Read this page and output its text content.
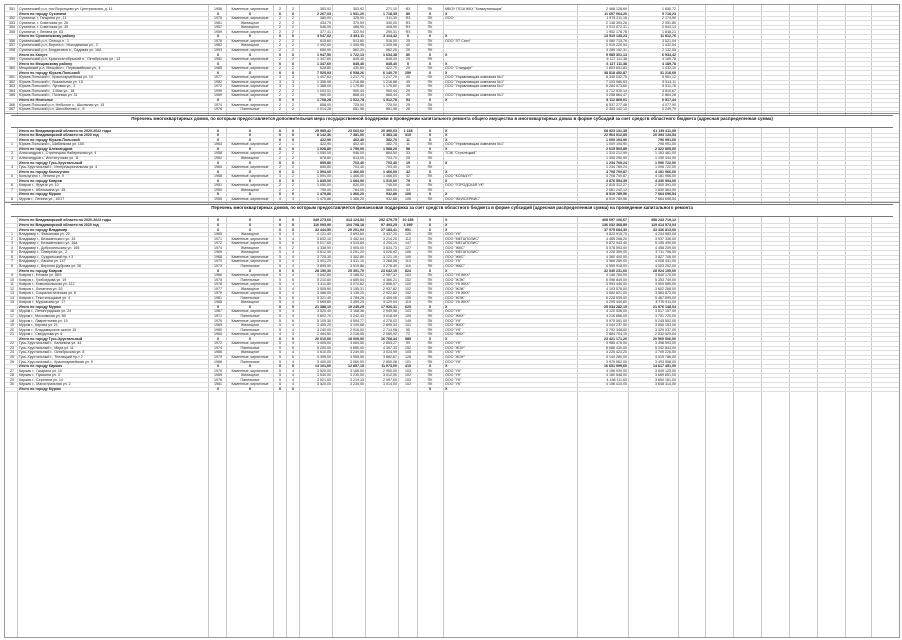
351	Сухиничский р-н, пос Воронцово ул. Центральная, д. 11	1958	Каменные, кирпичные	2	2	363,92	303,92	271,10	Ф3	ПК	МБОУ ПСШ ЖКХ "Коммунальщик"	2 468 128,69	1 650,72
Итого по городу Сухиничи	X	X	X	X	2 267,03	1 931,20	1 718,35	80	X	X	11 657 064,20	9 718,23
352	Сухиничи, г. Гагарина ул., 11	1975	Каменные, кирпичные	2	2	380,00	325,00	311,30	Ф3	ПК	ООО	1 975 211,16	2 174,90
353	Сухиничи, г. Советская ул. 26	1961	Жилищное	2	2	434,79	370,59	340,00	Ф3	ПК	2 148 393,26	2 051,80
354	Сухиничи, г. Советская ул. 39	1957	Жилищное	2	2	546,00	468,90	408,90	Ф3	ПК	3 013 072,31	2 643,14
355	Сухиничи, г. Ленина ул. 63	1959	Каменные, кирпичные	2	2	377,41	322,94	290,31	Ф3	ПК	1 952 178,76	1 648,21
Итого по Сухиничскому району	X	X	X	X	3 047,02	2 491,11	2 114,42	X	X	X	13 519 135,23	11 812,76
356	Сухиничский р-н, Сельцо п., 1	1976	Каменные, кирпичные	2	2	615,60	513,60	516,00	25	ПК	ООО "ЛТ Сити"	4 080 715,76	3 521,04
357	Сухиничский р-н, Ворота п., Молодежная ул., 3	1982	Жилищное	2	2	1 492,60	1 305,96	1 305,96	40	ПК	2 915 220,54	1 432,54
358	Сухиничский р-н, Богдановка п., Садовая ул. 16А	1993	Каменные, кирпичные	2	2	650,90	562,20	562,20	25	ПК	3 289 152,31	2 132,55
Итого по Калуге	X	X	X	X	1 947,50	1 722,13	1 634,38	80	X	X	9 985 301,13	6 934,42
359	Сухиничский р-н, Краснооктябрьский п., Октябрьская ул., 13	1992	Каменные, кирпичные	2	2	1 347,60	845,40	845,40	25	ПК	6 127 111,38	4 189,78
Итого по Мещовскому району	X	X	X	X	1 347,60	845,40	845,40	X	X	X	6 127 111,38	4 189,78
360	Мещовский р-н, Мещовск г., Первомайская ул., 4	1985	Каменные, кирпичные	2	2	628,80	430,60	422,70	25	ПК	ООО "Стандарт"	1 803 831,83	1 432,10
Итого по городу Юрьев-Польский	X	X	X	X	7 525,93	6 538,26	6 140,70	259	X	X	38 818 452,87	31 218,69
361	Юрьев-Польский г., Красноармейская ул. 14	1977	Каменные, кирпичные	3	3	1 407,62	1 217,70	1 217,70	40	ПК	ООО "Управляющая компания №1"	8 349 032,75	5 961,12
362	Юрьев-Польский г., Вокзальная ул. 15	1982	Каменные, кирпичные	3	3	1 356,96	1 216,88	1 216,88	45	ПК	ООО "Управляющая компания №1"	7 103 980,63	5 514,11
363	Юрьев-Польский г., Луговая ул., 2	1972	Каменные, кирпичные	3	3	1 388,00	1 179,80	1 179,80	45	ПК	ООО "Управляющая компания №1"	6 284 573,60	5 511,78
364	Юрьев-Польский г., 1-Мая ул., 18	1959	Каменные, кирпичные	2	2	1 043,01	900,44	900,44	29	ПК	4 712 530,14	3 810,67
365	Юрьев-Польский г., Полевая ул. 31	1969	Каменные, кирпичные	2	2	960,00	868,44	868,44	29	ПК	ООО "Управляющая компания №1"	3 258 864,47	2 864,28
Итого по Неополье	X	X	X	X	1 708,28	1 512,78	1 512,78	53	X	X	8 112 869,01	6 517,44
366	Юрьев-Польский р-н, Небылое с., Школьная ул. 15	1974	Каменные, кирпичные	2	2	858,00	725,00	725,00	25	ПК	6 537 277,48	4 077,90
367	Юрьев-Польский р-н, Шихобалово с., 8	1978	Панельные	2	2	1 014,28	851,96	851,96	28	ПК	2 353 142,13	2 249,79
Перечень многоквартирных домов, по которым предоставляется дополнительная мера государственной поддержки в проведении капитального ремонта общего имущества в многоквартирных домах в форме субсидий за счет средств областного бюджета (адресная распределенная сумма)
Итого по Владимирской области по 2020-2022 годы	X	X	X	X	25 985,42	23 663,62	20 390,03	1 168	X	X	68 923 131,38	61 139 411,09
Итого по Владимирской области на 2020 год	X	X	X	X	8 142,36	7 381,00	6 383,18	315	X	X	22 964 512,85	20 393 134,54
Итого по городу Юрьев-Польский	X	X	X	X	422,90	402,40	382,70	11	X	X	1 009 194,90	796 991,00
1	Юрьев-Польский г., Шибанкова ул. 100	1964	Каменные, кирпичные	2	1	422,90	402,40	382,70	11	ПК	ООО "Управляющая компания №1"	1 009 194,90	796 991,00
Итого по городу Александров	X	X	X	X	1 928,80	1 759,00	1 588,20	58	X	X	2 615 503,89	2 322 805,00
2	Александров г., Стрелецкая Набережная ул. 4	1958	Каменные, кирпичные	2	2	1 050,00	946,00	884,50	33	ПК	ТСЖ "Стрелецкий"	1 310 212,99	1 163 461,00
3	Александров г., Институтская ул. 11	1962	Жилищное	2	2	878,80	813,00	703,70	25	ПК	1 305 290,90	1 159 344,00
Итого по городу Гусь-Хрустальный	X	X	X	X	855,80	703,40	703,40	19	X	X	1 234 769,24	1 096 722,00
4	Гусь-Хрустальный г., Интернациональная ул. 4	1960	Каменные, кирпичные	2	2	855,80	703,40	703,40	19	ПК	1 234 769,24	1 096 722,00
Итого по городу Кольчугино	X	X	X	X	1 594,00	1 466,00	1 466,00	42	X	X	4 708 700,87	4 181 966,00
5	Кольчугино г., Ленина ул. 9	1968	Каменные, кирпичные	3	2	1 594,00	1 466,00	1 466,00	42	ПК	ООО "КОЛЬЧУГ"	4 708 700,87	4 181 966,00
Итого по городу Ковров	X	X	X	X	1 845,00	1 684,00	1 310,00	79	X	X	4 876 554,39	4 330 954,00
6	Ковров г., Фрунзе ул. 10	1951	Каменные, кирпичные	2	2	1 050,00	920,00	745,00	46	ПК	ООО "ГОРОДСКАЯ УК"	2 815 312,27	2 500 391,00
7	Ковров г., Абельмана ул. 45	1950	Жилищное	2	2	795,00	764,00	565,00	33	ПК	2 061 242,12	1 830 563,00
Итого по городу Муром	X	X	X	X	1 475,86	1 366,20	932,88	106	X	X	8 519 789,56	7 664 696,54
8	Муром г., Ленина ул., 15/17	1955	Каменные, кирпичные	4	3	1 475,86	1 366,20	932,88	106	ПК	ООО "ЖИЛСЕРВИС"	8 519 789,56	7 664 696,54
Перечень многоквартирных домов, по которым предоставляется финансовая поддержка за счет средств областного бюджета в форме субсидий (адресная распределенная сумма) на проведение капитального ремонта
Итого по Владимирской области по 2020-2022 годы	X	X	X	X	349 273,60	314 124,54	292 479,75	10 185	X	X	408 097 106,67	358 243 719,12
Итого по Владимирской области на 2020 год	X	X	X	X	116 093,90	104 708,18	97 493,25	3 395	X	X	136 032 368,89	119 414 573,04
Итого по городу Владимир	X	X	X	X	32 444,50	29 201,04	27 183,41	951	X	X	37 975 684,30	33 336 813,00
1	Владимир г., Фатьянова ул. 20	1965	Жилищное	5	4	4 121,40	3 693,60	3 437,20	120	ПК	ООО "УК"	4 823 915,70	4 234 583,00
2	Владимир г., Безыменского ул. 15	1971	Каменные, кирпичные	5	4	3 832,10	3 452,64	3 214,20	112	ПК	ООО "МЕГАПОЛИС"	4 485 266,20	3 937 336,00
3	Владимир г., Безыменского ул. 16а	1972	Каменные, кирпичные	5	6	5 017,60	4 515,84	4 204,10	147	ПК	ООО "МЕГАПОЛИС"	5 872 943,40	5 155 490,00
4	Владимир г., Добросельская ул. 165	1974	Жилищное	9	2	4 338,90	3 905,00	3 634,73	127	ПК	ООО "ЖКС"	5 078 593,00	4 458 209,00
5	Владимир г., Северная ул., 2	1969	Жилищное	5	4	3 612,50	3 251,20	3 026,92	106	ПК	ООО "МЕГАПОЛИС"	4 228 359,00	3 711 796,00
6	Владимир г., Суздальский пр-т 3	1968	Каменные, кирпичные	5	4	3 725,30	3 352,80	3 121,19	109	ПК	ООО "ЖКС"	4 360 400,00	3 827 706,00
7	Владимир г., Лакина ул. 147	1970	Каменные, кирпичные	5	4	3 901,20	3 511,10	3 268,58	114	ПК	ООО "УК"	4 566 289,00	4 008 441,00
8	Владимир г., Верхняя Дуброва ул. 36	1973	Панельные	5	4	3 895,50	3 519,86	3 276,49	116	ПК	ООО "ЖКС"	4 559 918,00	4 003 252,00
Итого по городу Ковров	X	X	X	X	28 150,30	25 391,70	23 642,19	824	X	X	32 949 231,60	28 924 155,00
9	Ковров г., Еловая ул. 86/1	1966	Каменные, кирпичные	5	4	3 542,80	3 188,52	2 967,37	103	ПК	ООО "УК ЖКХ"	4 146 760,00	3 640 170,00
10	Ковров г., Грибоедова ул. 19	1975	Панельные	5	6	5 210,60	4 689,54	4 366,21	152	ПК	ООО "ЖЭК"	6 098 849,00	5 353 749,00
11	Ковров г., Комсомольская ул. 112	1978	Каменные, кирпичные	5	4	3 411,80	3 070,62	2 858,97	100	ПК	ООО "УК ЖКХ"	3 993 446,00	3 505 589,00
12	Ковров г., Лопатина ул. 53	1977	Жилищное	5	4	3 505,90	3 155,31	2 937,82	102	ПК	ООО "ЖЭК"	4 103 576,00	3 602 268,00
13	Ковров г., Социалистическая ул. 8	1979	Каменные, кирпичные	5	4	3 488,00	3 139,20	2 922,82	102	ПК	ООО "УК ЖКХ"	4 082 621,00	3 583 873,00
14	Ковров г., Текстильщиков ул. 4	1981	Панельные	5	6	5 321,40	4 789,26	4 459,06	155	ПК	ООО "ЖЭК"	6 228 539,00	5 467 595,00
15	Ковров г., Муромская ул. 17	1968	Жилищное	5	4	3 669,80	3 359,25	3 129,94	110	ПК	ООО "УК ЖКХ"	4 295 440,60	3 770 911,00
Итого по городу Муром	X	X	X	X	21 388,10	19 249,29	17 926,31	625	X	X	25 034 282,19	21 976 148,04
16	Муром г., Ленинградская ул. 24	1967	Каменные, кирпичные	5	4	3 520,40	3 168,36	2 949,56	103	ПК	ООО "УК"	4 120 536,00	3 617 157,00
17	Муром г., Московская ул. 85	1971	Панельные	5	4	3 602,70	3 242,43	3 018,49	105	ПК	ООО "ЖКХ"	4 216 866,00	3 701 720,00
18	Муром г., Лаврентьева ул. 19	1976	Каменные, кирпичные	5	6	5 105,30	4 594,77	4 278,02	149	ПК	ООО "УК"	5 975 591,00	5 245 552,00
19	Муром г., Кирова ул. 21	1969	Жилищное	5	4	3 455,20	3 109,68	2 895,34	101	ПК	ООО "ЖКХ"	4 044 237,00	3 550 153,00
20	Муром г., Владимирское шоссе 15	1980	Панельные	5	4	3 240,00	2 916,00	2 714,98	95	ПК	ООО "УК"	3 792 348,00	3 329 037,00
21	Муром г., Свердлова ул. 6	1964	Каменные, кирпичные	4	3	2 464,50	2 218,05	2 069,92	72	ПК	ООО "ЖКХ"	2 884 704,19	2 532 529,04
Итого по городу Гусь-Хрустальный	X	X	X	X	20 010,00	18 009,00	16 768,34	585	X	X	23 421 171,20	20 560 006,00
22	Гусь-Хрустальный г., Калинина ул. 44	1972	Каменные, кирпичные	5	4	3 405,00	3 064,50	2 853,27	99	ПК	ООО "УК"	3 985 476,00	3 498 593,00
23	Гусь-Хрустальный г., Мира ул. 11	1974	Панельные	5	6	5 200,00	4 680,00	4 357,33	152	ПК	ООО "ЖЭУ"	6 086 430,00	5 342 843,00
24	Гусь-Хрустальный г., Октябрьская ул. 8	1966	Жилищное	5	4	3 610,00	3 249,00	3 024,99	105	ПК	ООО "УК"	4 225 423,20	3 709 226,00
25	Гусь-Хрустальный г., Теплицкий пр-т 2	1979	Каменные, кирпичные	5	6	4 395,00	3 955,50	3 682,67	128	ПК	ООО "ЖЭУ"	5 144 280,00	4 515 786,00
26	Гусь-Хрустальный г., Красноармейская ул. 9	1968	Панельные	5	4	3 400,00	3 060,00	2 850,08	101	ПК	ООО "УК"	3 979 562,00	3 493 558,00
Итого по городу Киржач	X	X	X	X	14 101,00	12 857,15	11 973,00	410	X	X	16 651 999,60	14 617 451,00
27	Киржач г., Гагарина ул. 10	1970	Каменные, кирпичные	5	4	3 520,00	3 168,00	2 950,00	103	ПК	ООО "УК"	4 156 930,00	3 649 125,00
28	Киржач г., Пушкина ул. 3	1965	Жилищное	5	4	3 540,00	3 235,00	3 012,00	102	ПК	ООО "УК"	4 180 548,00	3 669 851,00
29	Киржач г., Серегина ул. 14	1976	Панельные	5	4	3 521,00	3 219,15	2 997,00	103	ПК	ООО "УК"	4 158 111,60	3 650 161,00
30	Киржач г., Магистральная ул. 2	1981	Каменные, кирпичные	5	4	3 520,00	3 235,00	3 014,00	102	ПК	ООО "УК"	4 156 410,00	3 648 314,00
Итого по городу Муром	X	X	X	X	X	X
